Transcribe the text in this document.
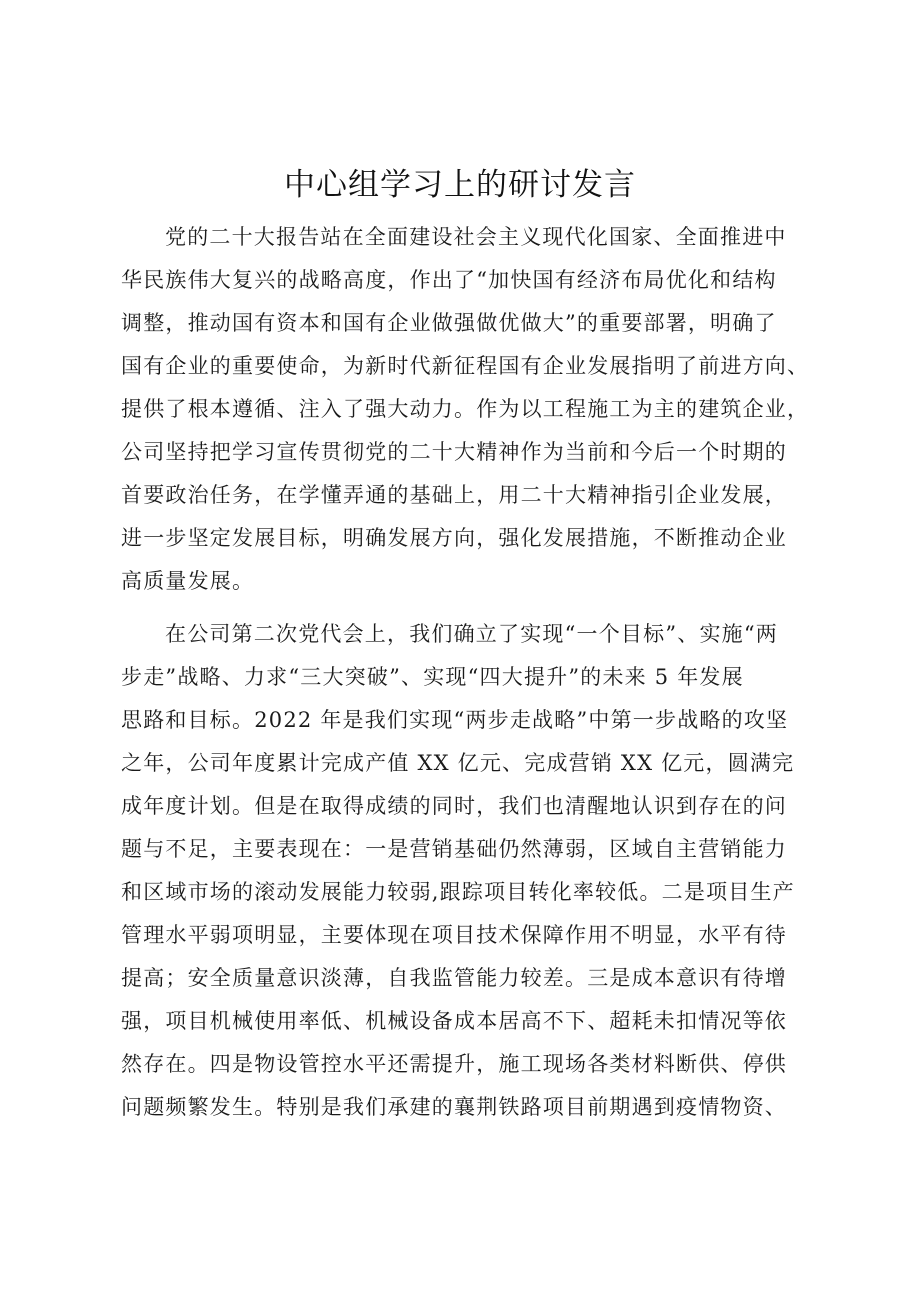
中心组学习上的研讨发言
党的二十大报告站在全面建设社会主义现代化国家、全面推进中
华民族伟大复兴的战略高度，作出了“加快国有经济布局优化和结构
调整，推动国有资本和国有企业做强做优做大”的重要部署，明确了
国有企业的重要使命，为新时代新征程国有企业发展指明了前进方向、
提供了根本遵循、注入了强大动力。作为以工程施工为主的建筑企业，
公司坚持把学习宣传贯彻党的二十大精神作为当前和今后一个时期的
首要政治任务，在学懂弄通的基础上，用二十大精神指引企业发展，
进一步坚定发展目标，明确发展方向，强化发展措施，不断推动企业
高质量发展。
在公司第二次党代会上，我们确立了实现“一个目标”、实施“两
步走”战略、力求“三大突破”、实现“四大提升”的未来 5 年发展
思路和目标。2022 年是我们实现“两步走战略”中第一步战略的攻坚
之年，公司年度累计完成产值 XX 亿元、完成营销 XX 亿元，圆满完
成年度计划。但是在取得成绩的同时，我们也清醒地认识到存在的问
题与不足，主要表现在：一是营销基础仍然薄弱，区域自主营销能力
和区域市场的滚动发展能力较弱,跟踪项目转化率较低。二是项目生产
管理水平弱项明显，主要体现在项目技术保障作用不明显，水平有待
提高；安全质量意识淡薄，自我监管能力较差。三是成本意识有待增
强，项目机械使用率低、机械设备成本居高不下、超耗未扣情况等依
然存在。四是物设管控水平还需提升，施工现场各类材料断供、停供
问题频繁发生。特别是我们承建的襄荆铁路项目前期遇到疫情物资、
